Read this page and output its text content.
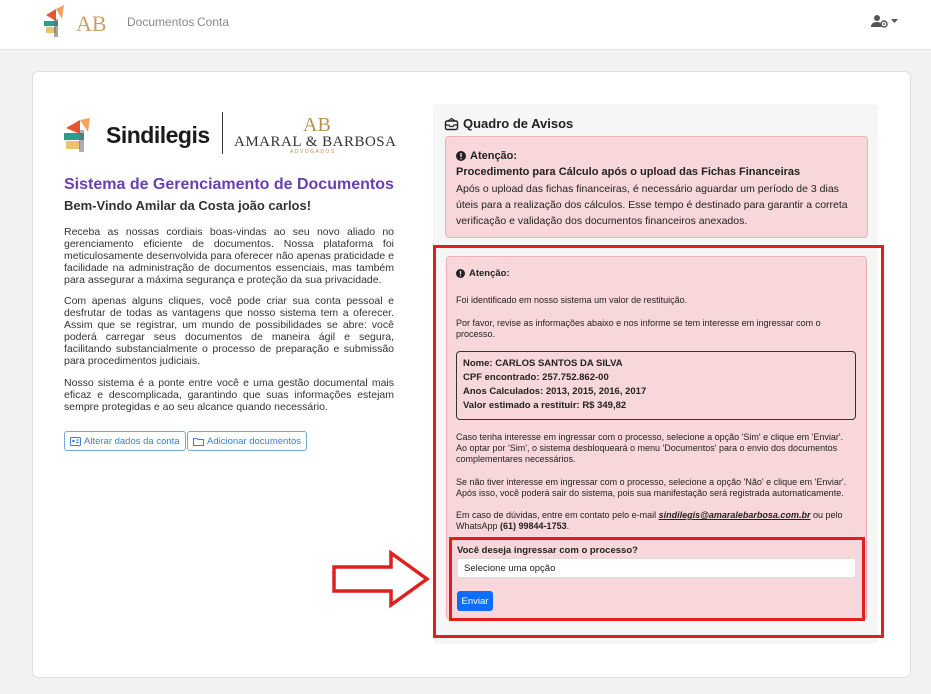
AB Documentos Conta
Sindilegis	AB
AMARAL & BARBOSA
ADVOGADOS
Sistema de Gerenciamento de Documentos
Bem-Vindo Amilar da Costa joão carlos!

Receba as nossas cordiais boas-vindas ao seu novo aliado no gerenciamento eficiente de documentos. Nossa plataforma foi meticulosamente desenvolvida para oferecer não apenas praticidade e facilidade na administração de documentos essenciais, mas também para assegurar a máxima segurança e proteção da sua privacidade.

Com apenas alguns cliques, você pode criar sua conta pessoal e desfrutar de todas as vantagens que nosso sistema tem a oferecer. Assim que se registrar, um mundo de possibilidades se abre: você poderá carregar seus documentos de maneira ágil e segura, facilitando substancialmente o processo de preparação e submissão para procedimentos judiciais.

Nosso sistema é a ponte entre você e uma gestão documental mais eficaz e descomplicada, garantindo que suas informações estejam sempre protegidas e ao seu alcance quando necessário.

Alterar dados da conta	Adicionar documentos
Quadro de Avisos
Atenção:
Procedimento para Cálculo após o upload das Fichas Financeiras
Após o upload das fichas financeiras, é necessário aguardar um período de 3 dias úteis para a realização dos cálculos. Esse tempo é destinado para garantir a correta verificação e validação dos documentos financeiros anexados.
Atenção:
Foi identificado em nosso sistema um valor de restituição.
Por favor, revise as informações abaixo e nos informe se tem interesse em ingressar com o processo.
Nome: CARLOS SANTOS DA SILVA
CPF encontrado: 257.752.862-00
Anos Calculados: 2013, 2015, 2016, 2017
Valor estimado a restituir: R$ 349,82
Caso tenha interesse em ingressar com o processo, selecione a opção 'Sim' e clique em 'Enviar'. Ao optar por 'Sim', o sistema desbloqueará o menu 'Documentos' para o envio dos documentos complementares necessários.
Se não tiver interesse em ingressar com o processo, selecione a opção 'Não' e clique em 'Enviar'. Após isso, você poderá sair do sistema, pois sua manifestação será registrada automaticamente.
Em caso de dúvidas, entre em contato pelo e-mail sindilegis@amaralebarbosa.com.br ou pelo WhatsApp (61) 99844-1753.
Você deseja ingressar com o processo?
Selecione uma opção
Enviar
